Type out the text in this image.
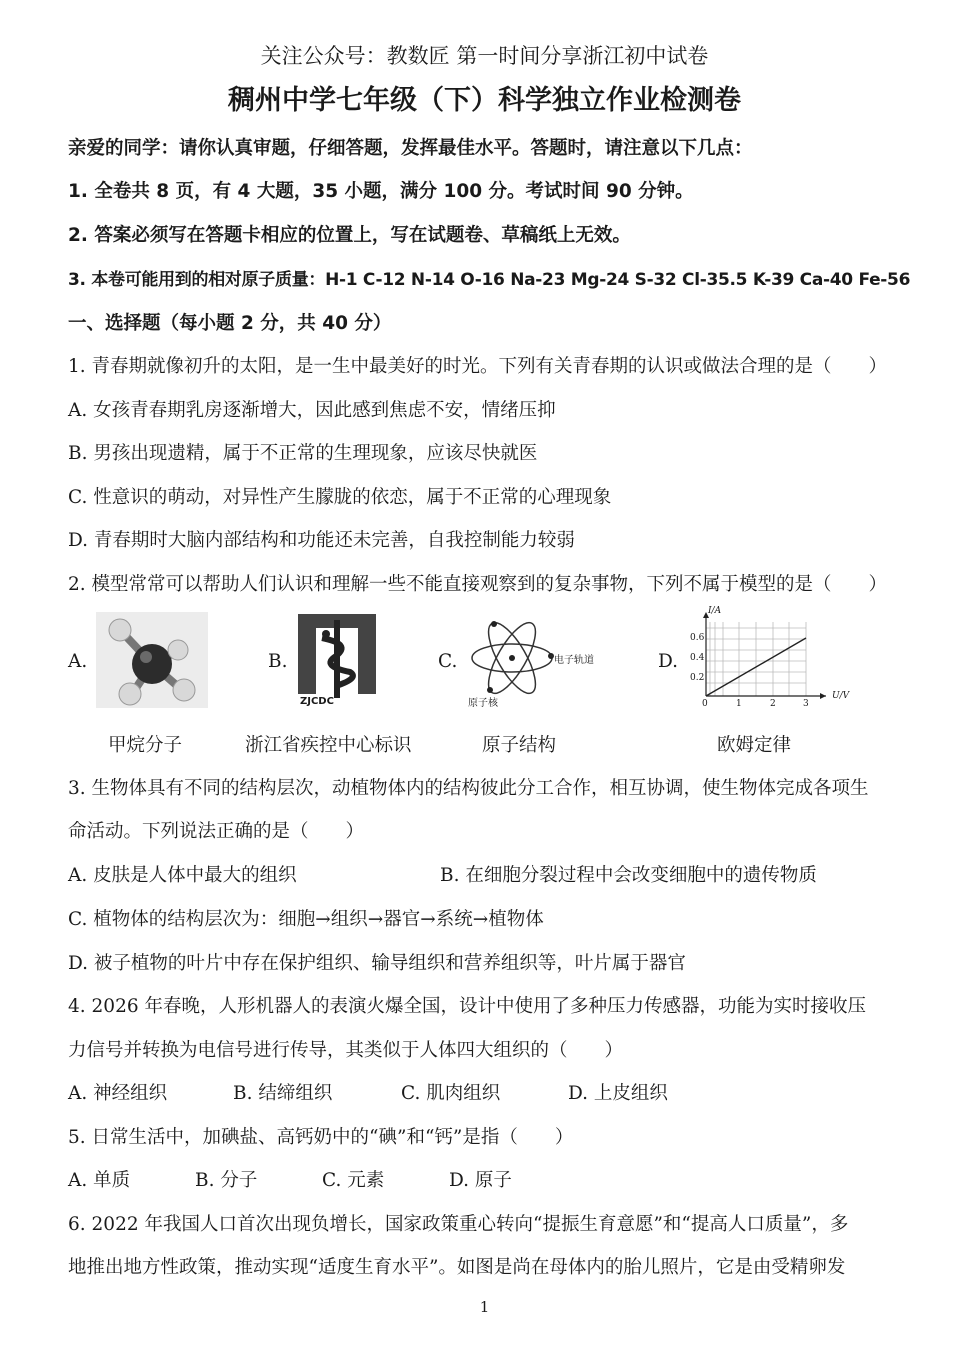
关注公众号：教数匠 第一时间分享浙江初中试卷
稠州中学七年级（下）科学独立作业检测卷
亲爱的同学：请你认真审题，仔细答题，发挥最佳水平。答题时，请注意以下几点：
1. 全卷共 8 页，有 4 大题，35 小题，满分 100 分。考试时间 90 分钟。
2. 答案必须写在答题卡相应的位置上，写在试题卷、草稿纸上无效。
3. 本卷可能用到的相对原子质量：H-1 C-12 N-14 O-16 Na-23 Mg-24 S-32 Cl-35.5 K-39 Ca-40 Fe-56
一、选择题（每小题 2 分，共 40 分）
1. 青春期就像初升的太阳，是一生中最美好的时光。下列有关青春期的认识或做法合理的是（　　）
A. 女孩青春期乳房逐渐增大，因此感到焦虑不安，情绪压抑
B. 男孩出现遗精，属于不正常的生理现象，应该尽快就医
C. 性意识的萌动，对异性产生朦胧的依恋，属于不正常的心理现象
D. 青春期时大脑内部结构和功能还未完善，自我控制能力较弱
2. 模型常常可以帮助人们认识和理解一些不能直接观察到的复杂事物，下列不属于模型的是（　　）
A.	B.	C.	D.
ZJCDC
电子轨道
原子核
I/A
U/V
0.6
0.4
0.2
0	1	2	3
甲烷分子	浙江省疾控中心标识	原子结构	欧姆定律
3. 生物体具有不同的结构层次，动植物体内的结构彼此分工合作，相互协调，使生物体完成各项生
命活动。下列说法正确的是（　　）
A. 皮肤是人体中最大的组织	B. 在细胞分裂过程中会改变细胞中的遗传物质
C. 植物体的结构层次为：细胞→组织→器官→系统→植物体
D. 被子植物的叶片中存在保护组织、输导组织和营养组织等，叶片属于器官
4. 2026 年春晚，人形机器人的表演火爆全国，设计中使用了多种压力传感器，功能为实时接收压
力信号并转换为电信号进行传导，其类似于人体四大组织的（　　）
A. 神经组织	B. 结缔组织	C. 肌肉组织	D. 上皮组织
5. 日常生活中，加碘盐、高钙奶中的“碘”和“钙”是指（　　）
A. 单质	B. 分子	C. 元素	D. 原子
6. 2022 年我国人口首次出现负增长，国家政策重心转向“提振生育意愿”和“提高人口质量”，多
地推出地方性政策，推动实现“适度生育水平”。如图是尚在母体内的胎儿照片，它是由受精卵发
1
